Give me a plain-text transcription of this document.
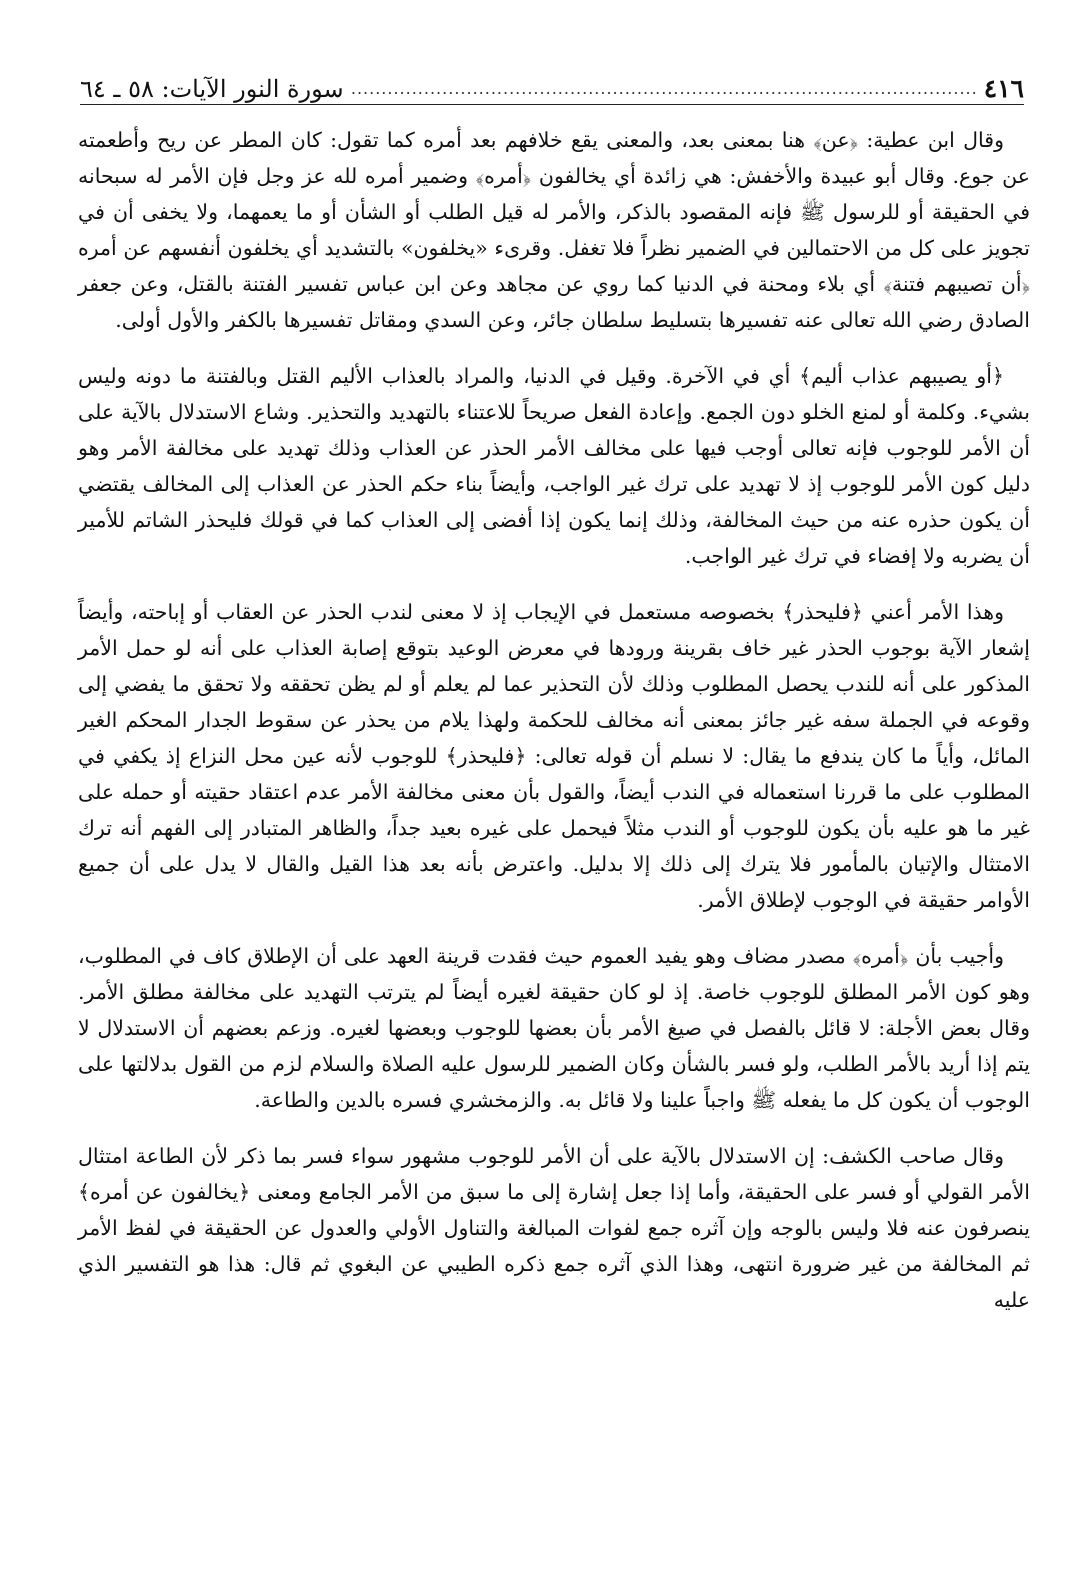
٤١٦
.....
سورة النور الآيات: ٥٨ ـ ٦٤

وقال ابن عطية: ﴿عن﴾ هنا بمعنى بعد، والمعنى يقع خلافهم بعد أمره كما تقول: كان المطر عن ريح وأطعمته عن جوع. وقال أبو عبيدة والأخفش: هي زائدة أي يخالفون ﴿أمره﴾ وضمير أمره لله عز وجل فإن الأمر له سبحانه في الحقيقة أو للرسول ﷺ فإنه المقصود بالذكر، والأمر له قيل الطلب أو الشأن أو ما يعمهما، ولا يخفى أن في تجويز على كل من الاحتمالين في الضمير نظراً فلا تغفل. وقرىء «يخلفون» بالتشديد أي يخلفون أنفسهم عن أمره ﴿أن تصيبهم فتنة﴾ أي بلاء ومحنة في الدنيا كما روي عن مجاهد وعن ابن عباس تفسير الفتنة بالقتل، وعن جعفر الصادق رضي الله تعالى عنه تفسيرها بتسليط سلطان جائر، وعن السدي ومقاتل تفسيرها بالكفر والأول أولى.

﴿أو يصيبهم عذاب أليم﴾ أي في الآخرة. وقيل في الدنيا، والمراد بالعذاب الأليم القتل وبالفتنة ما دونه وليس بشيء. وكلمة أو لمنع الخلو دون الجمع. وإعادة الفعل صريحاً للاعتناء بالتهديد والتحذير. وشاع الاستدلال بالآية على أن الأمر للوجوب فإنه تعالى أوجب فيها على مخالف الأمر الحذر عن العذاب وذلك تهديد على مخالفة الأمر وهو دليل كون الأمر للوجوب إذ لا تهديد على ترك غير الواجب، وأيضاً بناء حكم الحذر عن العذاب إلى المخالف يقتضي أن يكون حذره عنه من حيث المخالفة، وذلك إنما يكون إذا أفضى إلى العذاب كما في قولك فليحذر الشاتم للأمير أن يضربه ولا إفضاء في ترك غير الواجب.

وهذا الأمر أعني ﴿فليحذر﴾ بخصوصه مستعمل في الإيجاب إذ لا معنى لندب الحذر عن العقاب أو إباحته، وأيضاً إشعار الآية بوجوب الحذر غير خاف بقرينة ورودها في معرض الوعيد بتوقع إصابة العذاب على أنه لو حمل الأمر المذكور على أنه للندب يحصل المطلوب وذلك لأن التحذير عما لم يعلم أو لم يظن تحققه ولا تحقق ما يفضي إلى وقوعه في الجملة سفه غير جائز بمعنى أنه مخالف للحكمة ولهذا يلام من يحذر عن سقوط الجدار المحكم الغير المائل، وأياً ما كان يندفع ما يقال: لا نسلم أن قوله تعالى: ﴿فليحذر﴾ للوجوب لأنه عين محل النزاع إذ يكفي في المطلوب على ما قررنا استعماله في الندب أيضاً، والقول بأن معنى مخالفة الأمر عدم اعتقاد حقيته أو حمله على غير ما هو عليه بأن يكون للوجوب أو الندب مثلاً فيحمل على غيره بعيد جداً، والظاهر المتبادر إلى الفهم أنه ترك الامتثال والإتيان بالمأمور فلا يترك إلى ذلك إلا بدليل. واعترض بأنه بعد هذا القيل والقال لا يدل على أن جميع الأوامر حقيقة في الوجوب لإطلاق الأمر.

وأجيب بأن ﴿أمره﴾ مصدر مضاف وهو يفيد العموم حيث فقدت قرينة العهد على أن الإطلاق كاف في المطلوب، وهو كون الأمر المطلق للوجوب خاصة. إذ لو كان حقيقة لغيره أيضاً لم يترتب التهديد على مخالفة مطلق الأمر. وقال بعض الأجلة: لا قائل بالفصل في صيغ الأمر بأن بعضها للوجوب وبعضها لغيره. وزعم بعضهم أن الاستدلال لا يتم إذا أريد بالأمر الطلب، ولو فسر بالشأن وكان الضمير للرسول عليه الصلاة والسلام لزم من القول بدلالتها على الوجوب أن يكون كل ما يفعله ﷺ واجباً علينا ولا قائل به. والزمخشري فسره بالدين والطاعة.

وقال صاحب الكشف: إن الاستدلال بالآية على أن الأمر للوجوب مشهور سواء فسر بما ذكر لأن الطاعة امتثال الأمر القولي أو فسر على الحقيقة، وأما إذا جعل إشارة إلى ما سبق من الأمر الجامع ومعنى ﴿يخالفون عن أمره﴾ ينصرفون عنه فلا وليس بالوجه وإن آثره جمع لفوات المبالغة والتناول الأولي والعدول عن الحقيقة في لفظ الأمر ثم المخالفة من غير ضرورة انتهى، وهذا الذي آثره جمع ذكره الطيبي عن البغوي ثم قال: هذا هو التفسير الذي عليه
